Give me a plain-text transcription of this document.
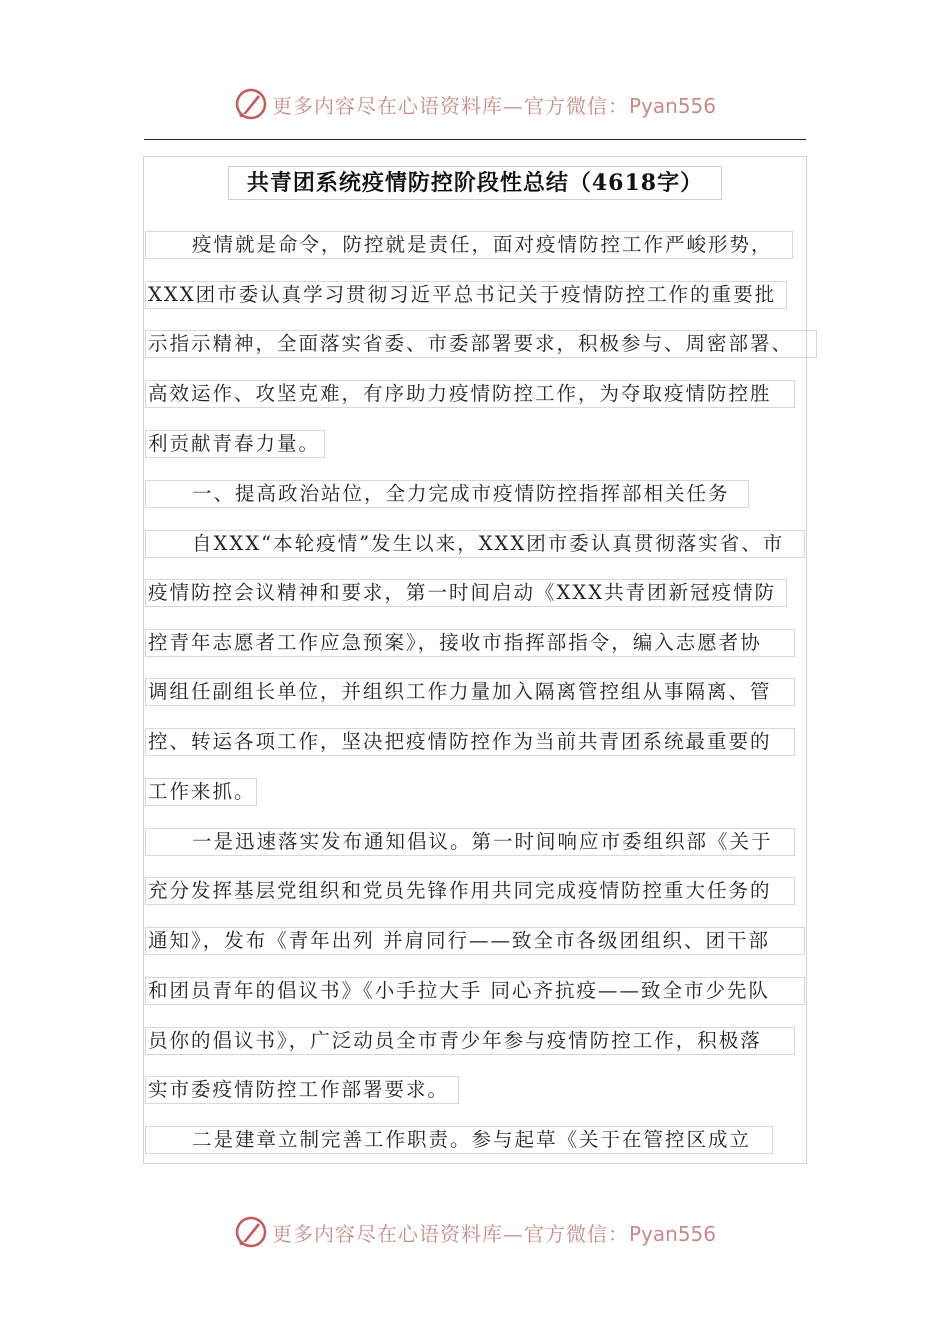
更多内容尽在心语资料库—官方微信：Pyan556
共青团系统疫情防控阶段性总结（4618字）
疫情就是命令，防控就是责任，面对疫情防控工作严峻形势，
XXX团市委认真学习贯彻习近平总书记关于疫情防控工作的重要批
示指示精神，全面落实省委、市委部署要求，积极参与、周密部署、
高效运作、攻坚克难，有序助力疫情防控工作，为夺取疫情防控胜
利贡献青春力量。
一、提高政治站位，全力完成市疫情防控指挥部相关任务
自XXX“本轮疫情”发生以来，XXX团市委认真贯彻落实省、市
疫情防控会议精神和要求，第一时间启动《XXX共青团新冠疫情防
控青年志愿者工作应急预案》，接收市指挥部指令，编入志愿者协
调组任副组长单位，并组织工作力量加入隔离管控组从事隔离、管
控、转运各项工作，坚决把疫情防控作为当前共青团系统最重要的
工作来抓。
一是迅速落实发布通知倡议。第一时间响应市委组织部《关于
充分发挥基层党组织和党员先锋作用共同完成疫情防控重大任务的
通知》，发布《青年出列 并肩同行——致全市各级团组织、团干部
和团员青年的倡议书》《小手拉大手 同心齐抗疫——致全市少先队
员你的倡议书》，广泛动员全市青少年参与疫情防控工作，积极落
实市委疫情防控工作部署要求。
二是建章立制完善工作职责。参与起草《关于在管控区成立
更多内容尽在心语资料库—官方微信：Pyan556
